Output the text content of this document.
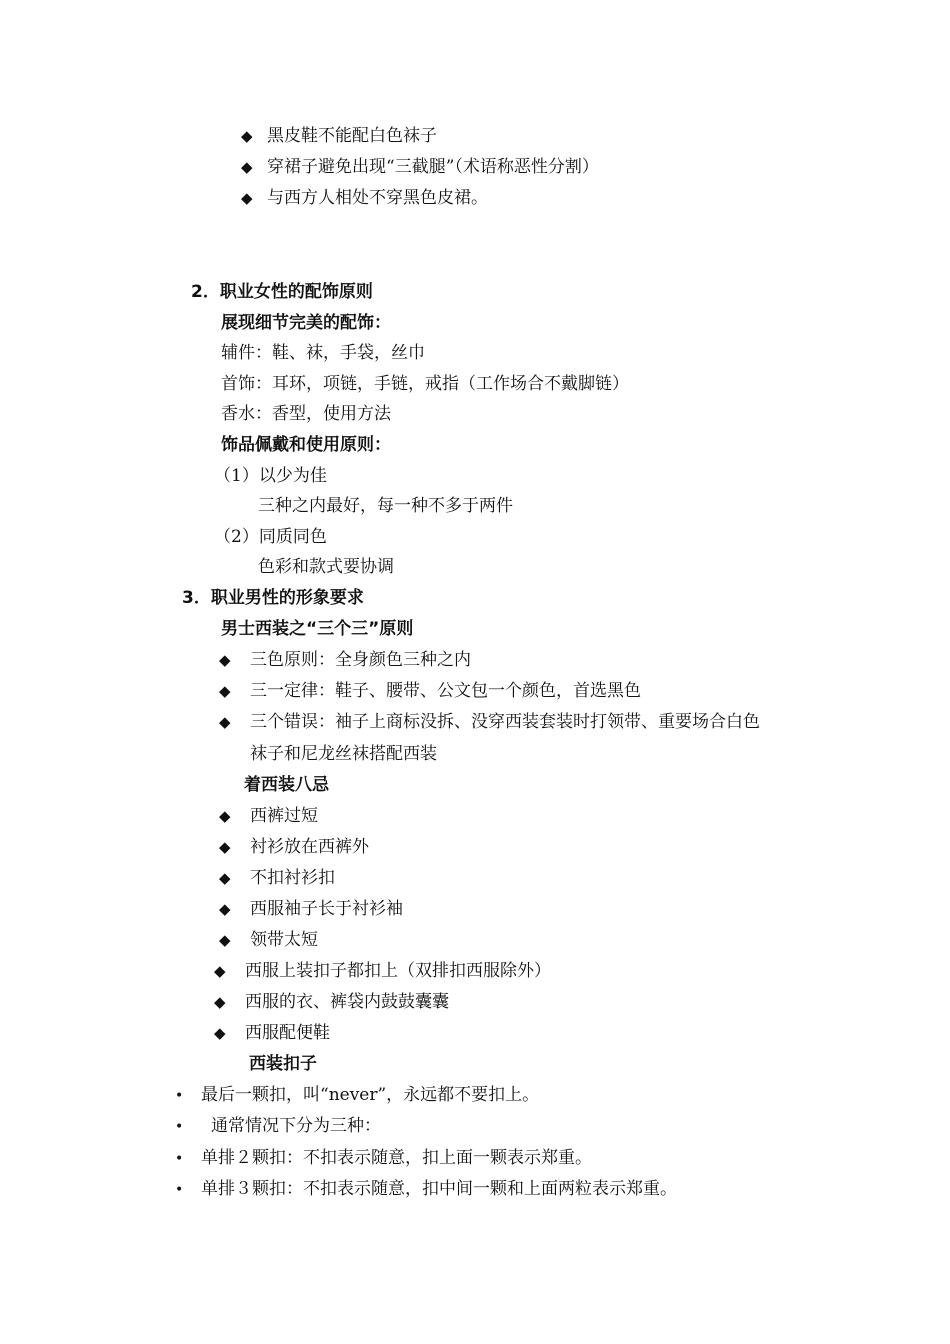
◆ 黑皮鞋不能配白色袜子
◆ 穿裙子避免出现“三截腿”（术语称恶性分割）
◆ 与西方人相处不穿黑色皮裙。
2．职业女性的配饰原则
展现细节完美的配饰：
辅件：鞋、袜，手袋，丝巾
首饰：耳环，项链，手链，戒指（工作场合不戴脚链）
香水：香型，使用方法
饰品佩戴和使用原则：
（1）以少为佳
三种之内最好，每一种不多于两件
（2）同质同色
色彩和款式要协调
3．职业男性的形象要求
男士西装之“三个三”原则
◆ 三色原则：全身颜色三种之内
◆ 三一定律：鞋子、腰带、公文包一个颜色，首选黑色
◆ 三个错误：袖子上商标没拆、没穿西装套装时打领带、重要场合白色
袜子和尼龙丝袜搭配西装
着西装八忌
◆ 西裤过短
◆ 衬衫放在西裤外
◆ 不扣衬衫扣
◆ 西服袖子长于衬衫袖
◆ 领带太短
◆ 西服上装扣子都扣上（双排扣西服除外）
◆ 西服的衣、裤袋内鼓鼓囊囊
◆ 西服配便鞋
西装扣子
• 最后一颗扣，叫“never”，永远都不要扣上。
• 通常情况下分为三种：
• 单排２颗扣：不扣表示随意，扣上面一颗表示郑重。
• 单排３颗扣：不扣表示随意，扣中间一颗和上面两粒表示郑重。
